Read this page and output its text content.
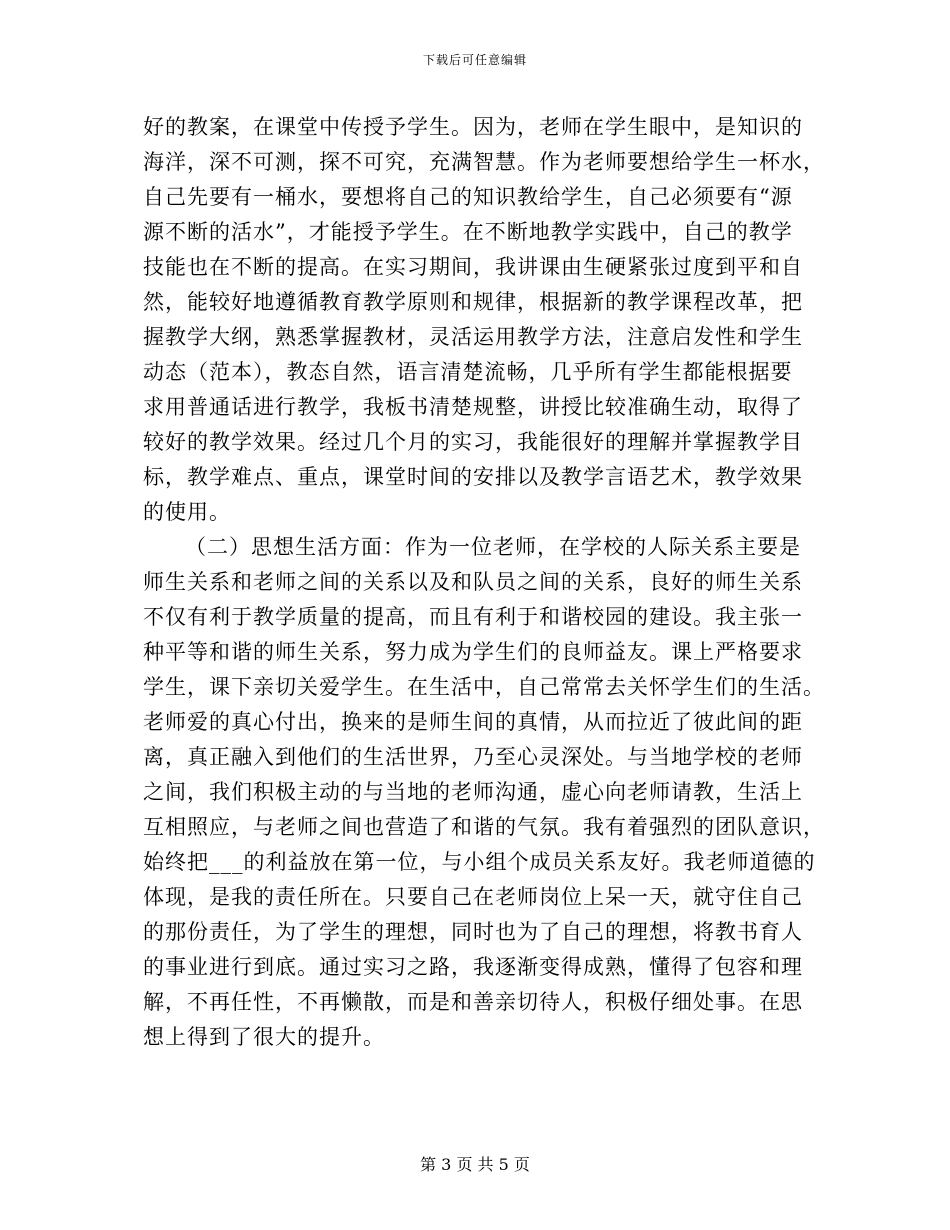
下载后可任意编辑
好的教案，在课堂中传授予学生。因为，老师在学生眼中，是知识的
海洋，深不可测，探不可究，充满智慧。作为老师要想给学生一杯水，
自己先要有一桶水，要想将自己的知识教给学生，自己必须要有“源
源不断的活水”，才能授予学生。在不断地教学实践中，自己的教学
技能也在不断的提高。在实习期间，我讲课由生硬紧张过度到平和自
然，能较好地遵循教育教学原则和规律，根据新的教学课程改革，把
握教学大纲，熟悉掌握教材，灵活运用教学方法，注意启发性和学生
动态（范本），教态自然，语言清楚流畅，几乎所有学生都能根据要
求用普通话进行教学，我板书清楚规整，讲授比较准确生动，取得了
较好的教学效果。经过几个月的实习，我能很好的理解并掌握教学目
标，教学难点、重点，课堂时间的安排以及教学言语艺术，教学效果
的使用。
（二）思想生活方面：作为一位老师，在学校的人际关系主要是
师生关系和老师之间的关系以及和队员之间的关系，良好的师生关系
不仅有利于教学质量的提高，而且有利于和谐校园的建设。我主张一
种平等和谐的师生关系，努力成为学生们的良师益友。课上严格要求
学生，课下亲切关爱学生。在生活中，自己常常去关怀学生们的生活。
老师爱的真心付出，换来的是师生间的真情，从而拉近了彼此间的距
离，真正融入到他们的生活世界，乃至心灵深处。与当地学校的老师
之间，我们积极主动的与当地的老师沟通，虚心向老师请教，生活上
互相照应，与老师之间也营造了和谐的气氛。我有着强烈的团队意识，
始终把___的利益放在第一位，与小组个成员关系友好。我老师道德的
体现，是我的责任所在。只要自己在老师岗位上呆一天，就守住自己
的那份责任，为了学生的理想，同时也为了自己的理想，将教书育人
的事业进行到底。通过实习之路，我逐渐变得成熟，懂得了包容和理
解，不再任性，不再懒散，而是和善亲切待人，积极仔细处事。在思
想上得到了很大的提升。
第 3 页 共 5 页
